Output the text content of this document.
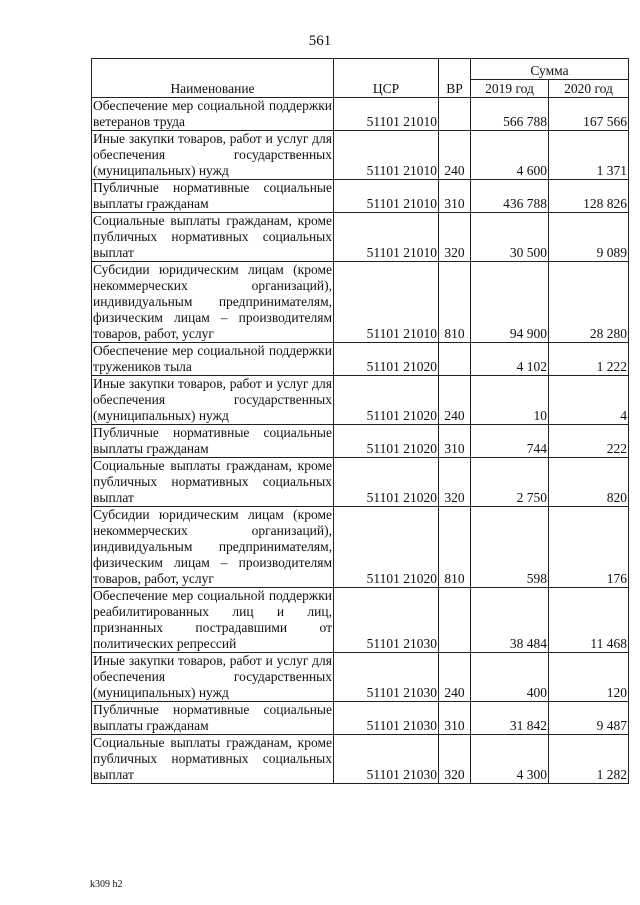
561
Наименование	ЦСР	ВР	Сумма	
			2019 год	2020 год
Обеспечение мер социальной поддержки ветеранов труда	51101 21010		566 788	167 566
Иные закупки товаров, работ и услуг для обеспечения государственных (муниципальных) нужд	51101 21010	240	4 600	1 371
Публичные нормативные социальные выплаты гражданам	51101 21010	310	436 788	128 826
Социальные выплаты гражданам, кроме публичных нормативных социальных выплат	51101 21010	320	30 500	9 089
Субсидии юридическим лицам (кроме некоммерческих организаций), индивидуальным предпринимателям, физическим лицам – производителям товаров, работ, услуг	51101 21010	810	94 900	28 280
Обеспечение мер социальной поддержки тружеников тыла	51101 21020		4 102	1 222
Иные закупки товаров, работ и услуг для обеспечения государственных (муниципальных) нужд	51101 21020	240	10	4
Публичные нормативные социальные выплаты гражданам	51101 21020	310	744	222
Социальные выплаты гражданам, кроме публичных нормативных социальных выплат	51101 21020	320	2 750	820
Субсидии юридическим лицам (кроме некоммерческих организаций), индивидуальным предпринимателям, физическим лицам – производителям товаров, работ, услуг	51101 21020	810	598	176
Обеспечение мер социальной поддержки реабилитированных лиц и лиц, признанных пострадавшими от политических репрессий	51101 21030		38 484	11 468
Иные закупки товаров, работ и услуг для обеспечения государственных (муниципальных) нужд	51101 21030	240	400	120
Публичные нормативные социальные выплаты гражданам	51101 21030	310	31 842	9 487
Социальные выплаты гражданам, кроме публичных нормативных социальных выплат	51101 21030	320	4 300	1 282
k309 h2
